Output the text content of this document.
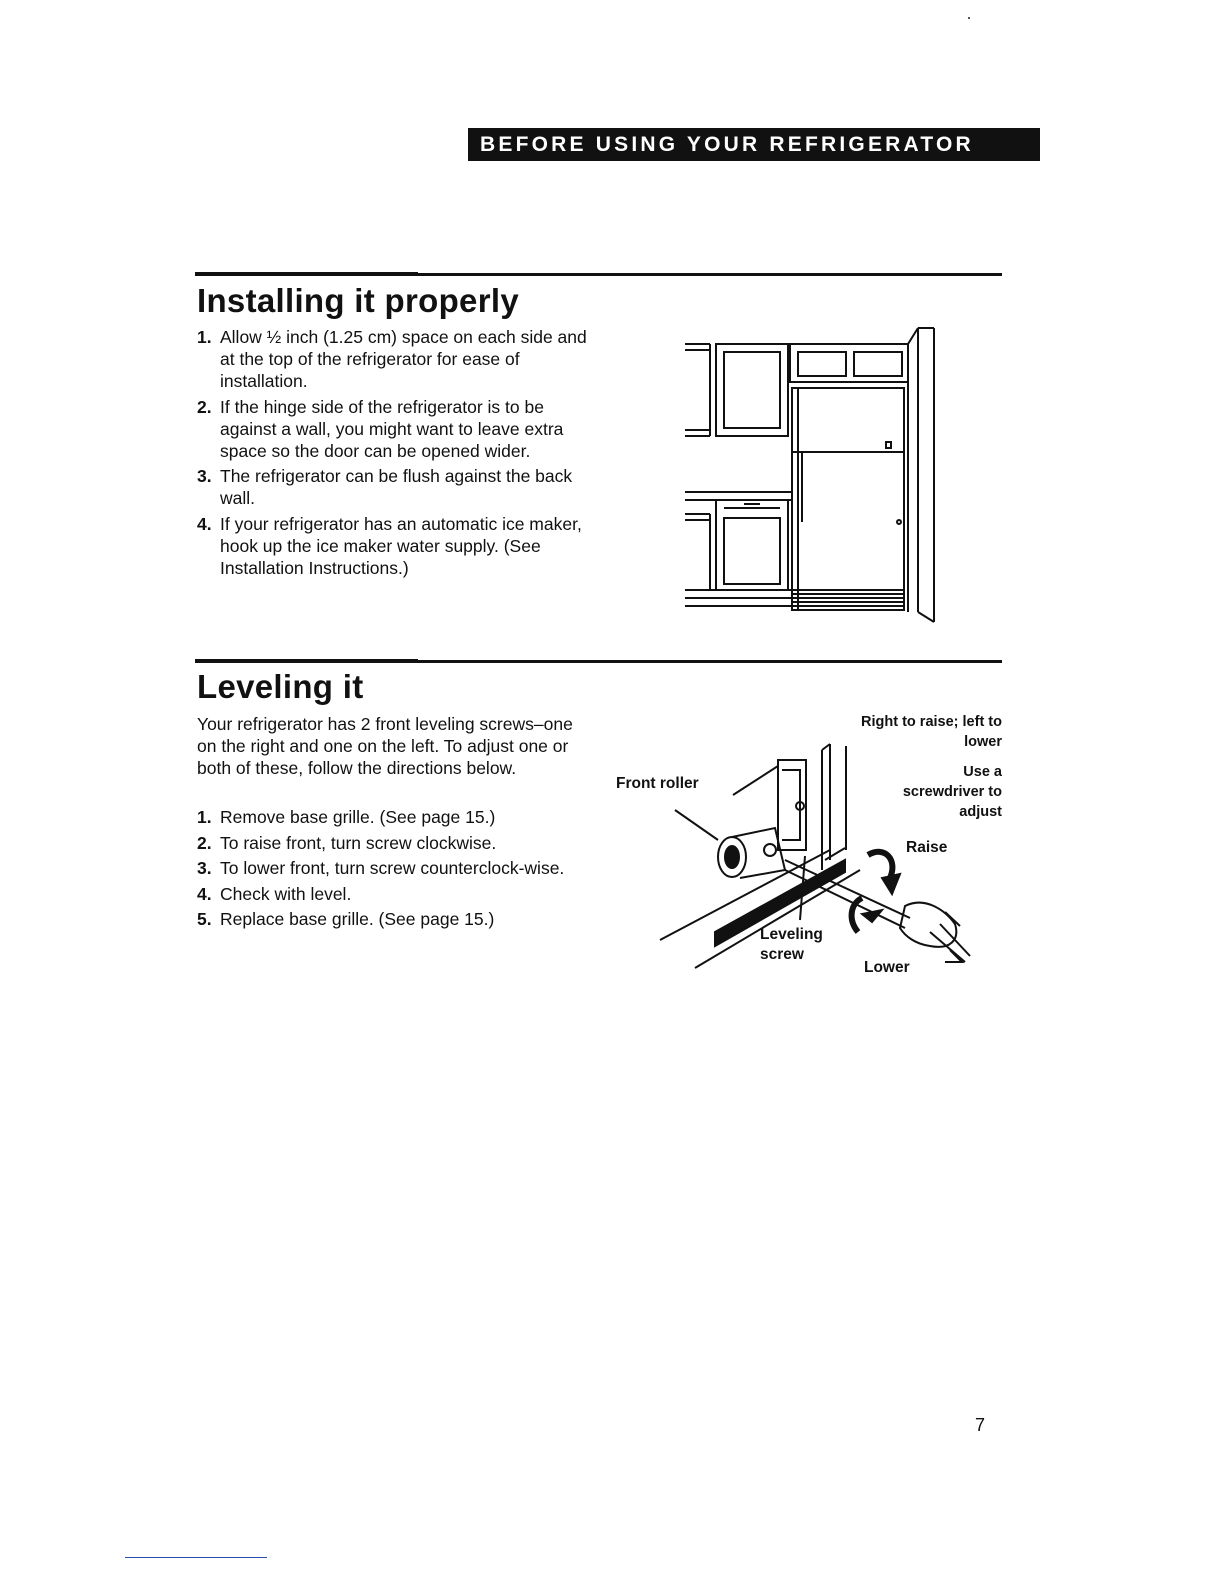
BEFORE USING YOUR REFRIGERATOR
Installing it properly
1. Allow ½ inch (1.25 cm) space on each side and at the top of the refrigerator for ease of installation.
2. If the hinge side of the refrigerator is to be against a wall, you might want to leave extra space so the door can be opened wider.
3. The refrigerator can be flush against the back wall.
4. If your refrigerator has an automatic ice maker, hook up the ice maker water supply. (See Installation Instructions.)
Leveling it

Your refrigerator has 2 front leveling screws–one on the right and one on the left. To adjust one or both of these, follow the directions below.

1. Remove base grille. (See page 15.)
2. To raise front, turn screw clockwise.
3. To lower front, turn screw counterclock-wise.
4. Check with level.
5. Replace base grille. (See page 15.)
Front roller
Right to raise; left to lower
Use a screwdriver to adjust
Raise
Lower
Leveling screw
7
